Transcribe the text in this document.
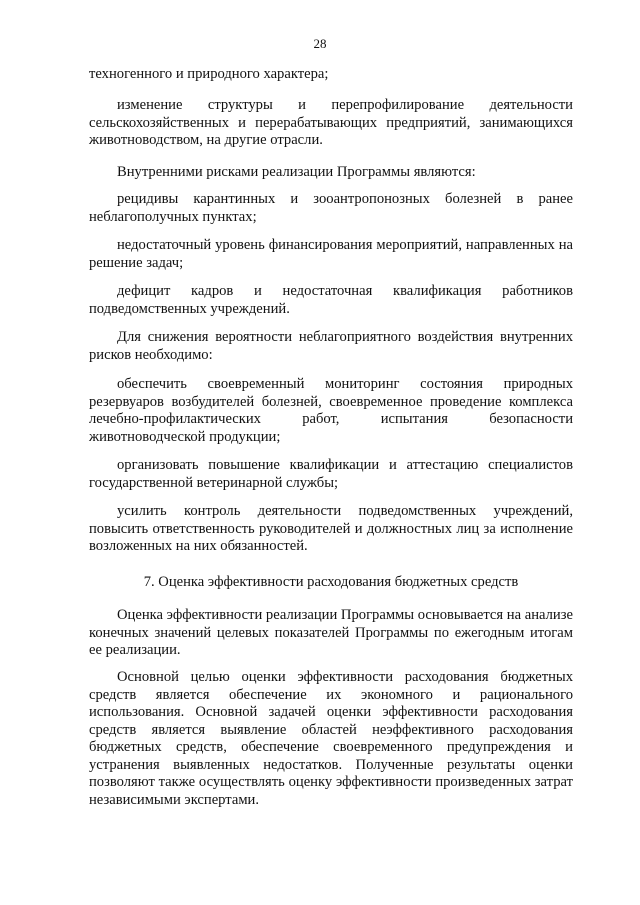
28

техногенного и природного характера;

изменение структуры и перепрофилирование деятельности сельскохозяйственных и перерабатывающих предприятий, занимающихся животноводством, на другие отрасли.

Внутренними рисками реализации Программы являются:

рецидивы карантинных и зооантропонозных болезней в ранее неблагополучных пунктах;

недостаточный уровень финансирования мероприятий, направленных на решение задач;

дефицит кадров и недостаточная квалификация работников подведомственных учреждений.

Для снижения вероятности неблагоприятного воздействия внутренних рисков необходимо:

обеспечить своевременный мониторинг состояния природных резервуаров возбудителей болезней, своевременное проведение комплекса лечебно-профилактических работ, испытания безопасности животноводческой продукции;

организовать повышение квалификации и аттестацию специалистов государственной ветеринарной службы;

усилить контроль деятельности подведомственных учреждений, повысить ответственность руководителей и должностных лиц за исполнение возложенных на них обязанностей.

7. Оценка эффективности расходования бюджетных средств

Оценка эффективности реализации Программы основывается на анализе конечных значений целевых показателей Программы по ежегодным итогам ее реализации.

Основной целью оценки эффективности расходования бюджетных средств является обеспечение их экономного и рационального использования. Основной задачей оценки эффективности расходования средств является выявление областей неэффективного расходования бюджетных средств, обеспечение своевременного предупреждения и устранения выявленных недостатков. Полученные результаты оценки позволяют также осуществлять оценку эффективности произведенных затрат независимыми экспертами.
